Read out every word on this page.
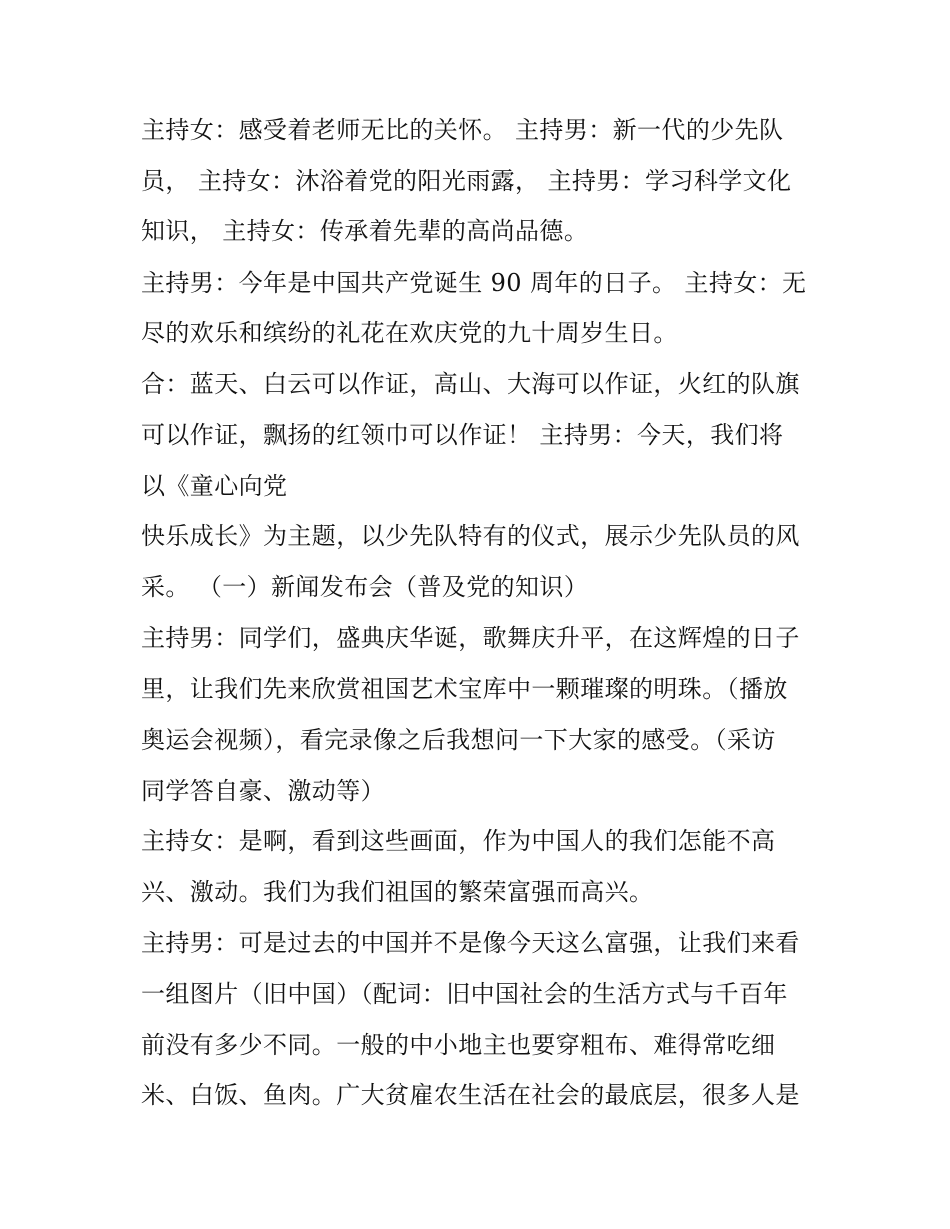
主持女：感受着老师无比的关怀。 主持男：新一代的少先队
员， 主持女：沐浴着党的阳光雨露， 主持男：学习科学文化
知识， 主持女：传承着先辈的高尚品德。
主持男：今年是中国共产党诞生 90 周年的日子。 主持女：无
尽的欢乐和缤纷的礼花在欢庆党的九十周岁生日。
合：蓝天、白云可以作证，高山、大海可以作证，火红的队旗
可以作证，飘扬的红领巾可以作证！ 主持男：今天，我们将
以《童心向党
快乐成长》为主题，以少先队特有的仪式，展示少先队员的风
采。 （一）新闻发布会（普及党的知识）
主持男：同学们，盛典庆华诞，歌舞庆升平，在这辉煌的日子
里，让我们先来欣赏祖国艺术宝库中一颗璀璨的明珠。（播放
奥运会视频），看完录像之后我想问一下大家的感受。（采访
同学答自豪、激动等）
主持女：是啊，看到这些画面，作为中国人的我们怎能不高
兴、激动。我们为我们祖国的繁荣富强而高兴。
主持男：可是过去的中国并不是像今天这么富强，让我们来看
一组图片（旧中国）（配词：旧中国社会的生活方式与千百年
前没有多少不同。一般的中小地主也要穿粗布、难得常吃细
米、白饭、鱼肉。广大贫雇农生活在社会的最底层，很多人是
